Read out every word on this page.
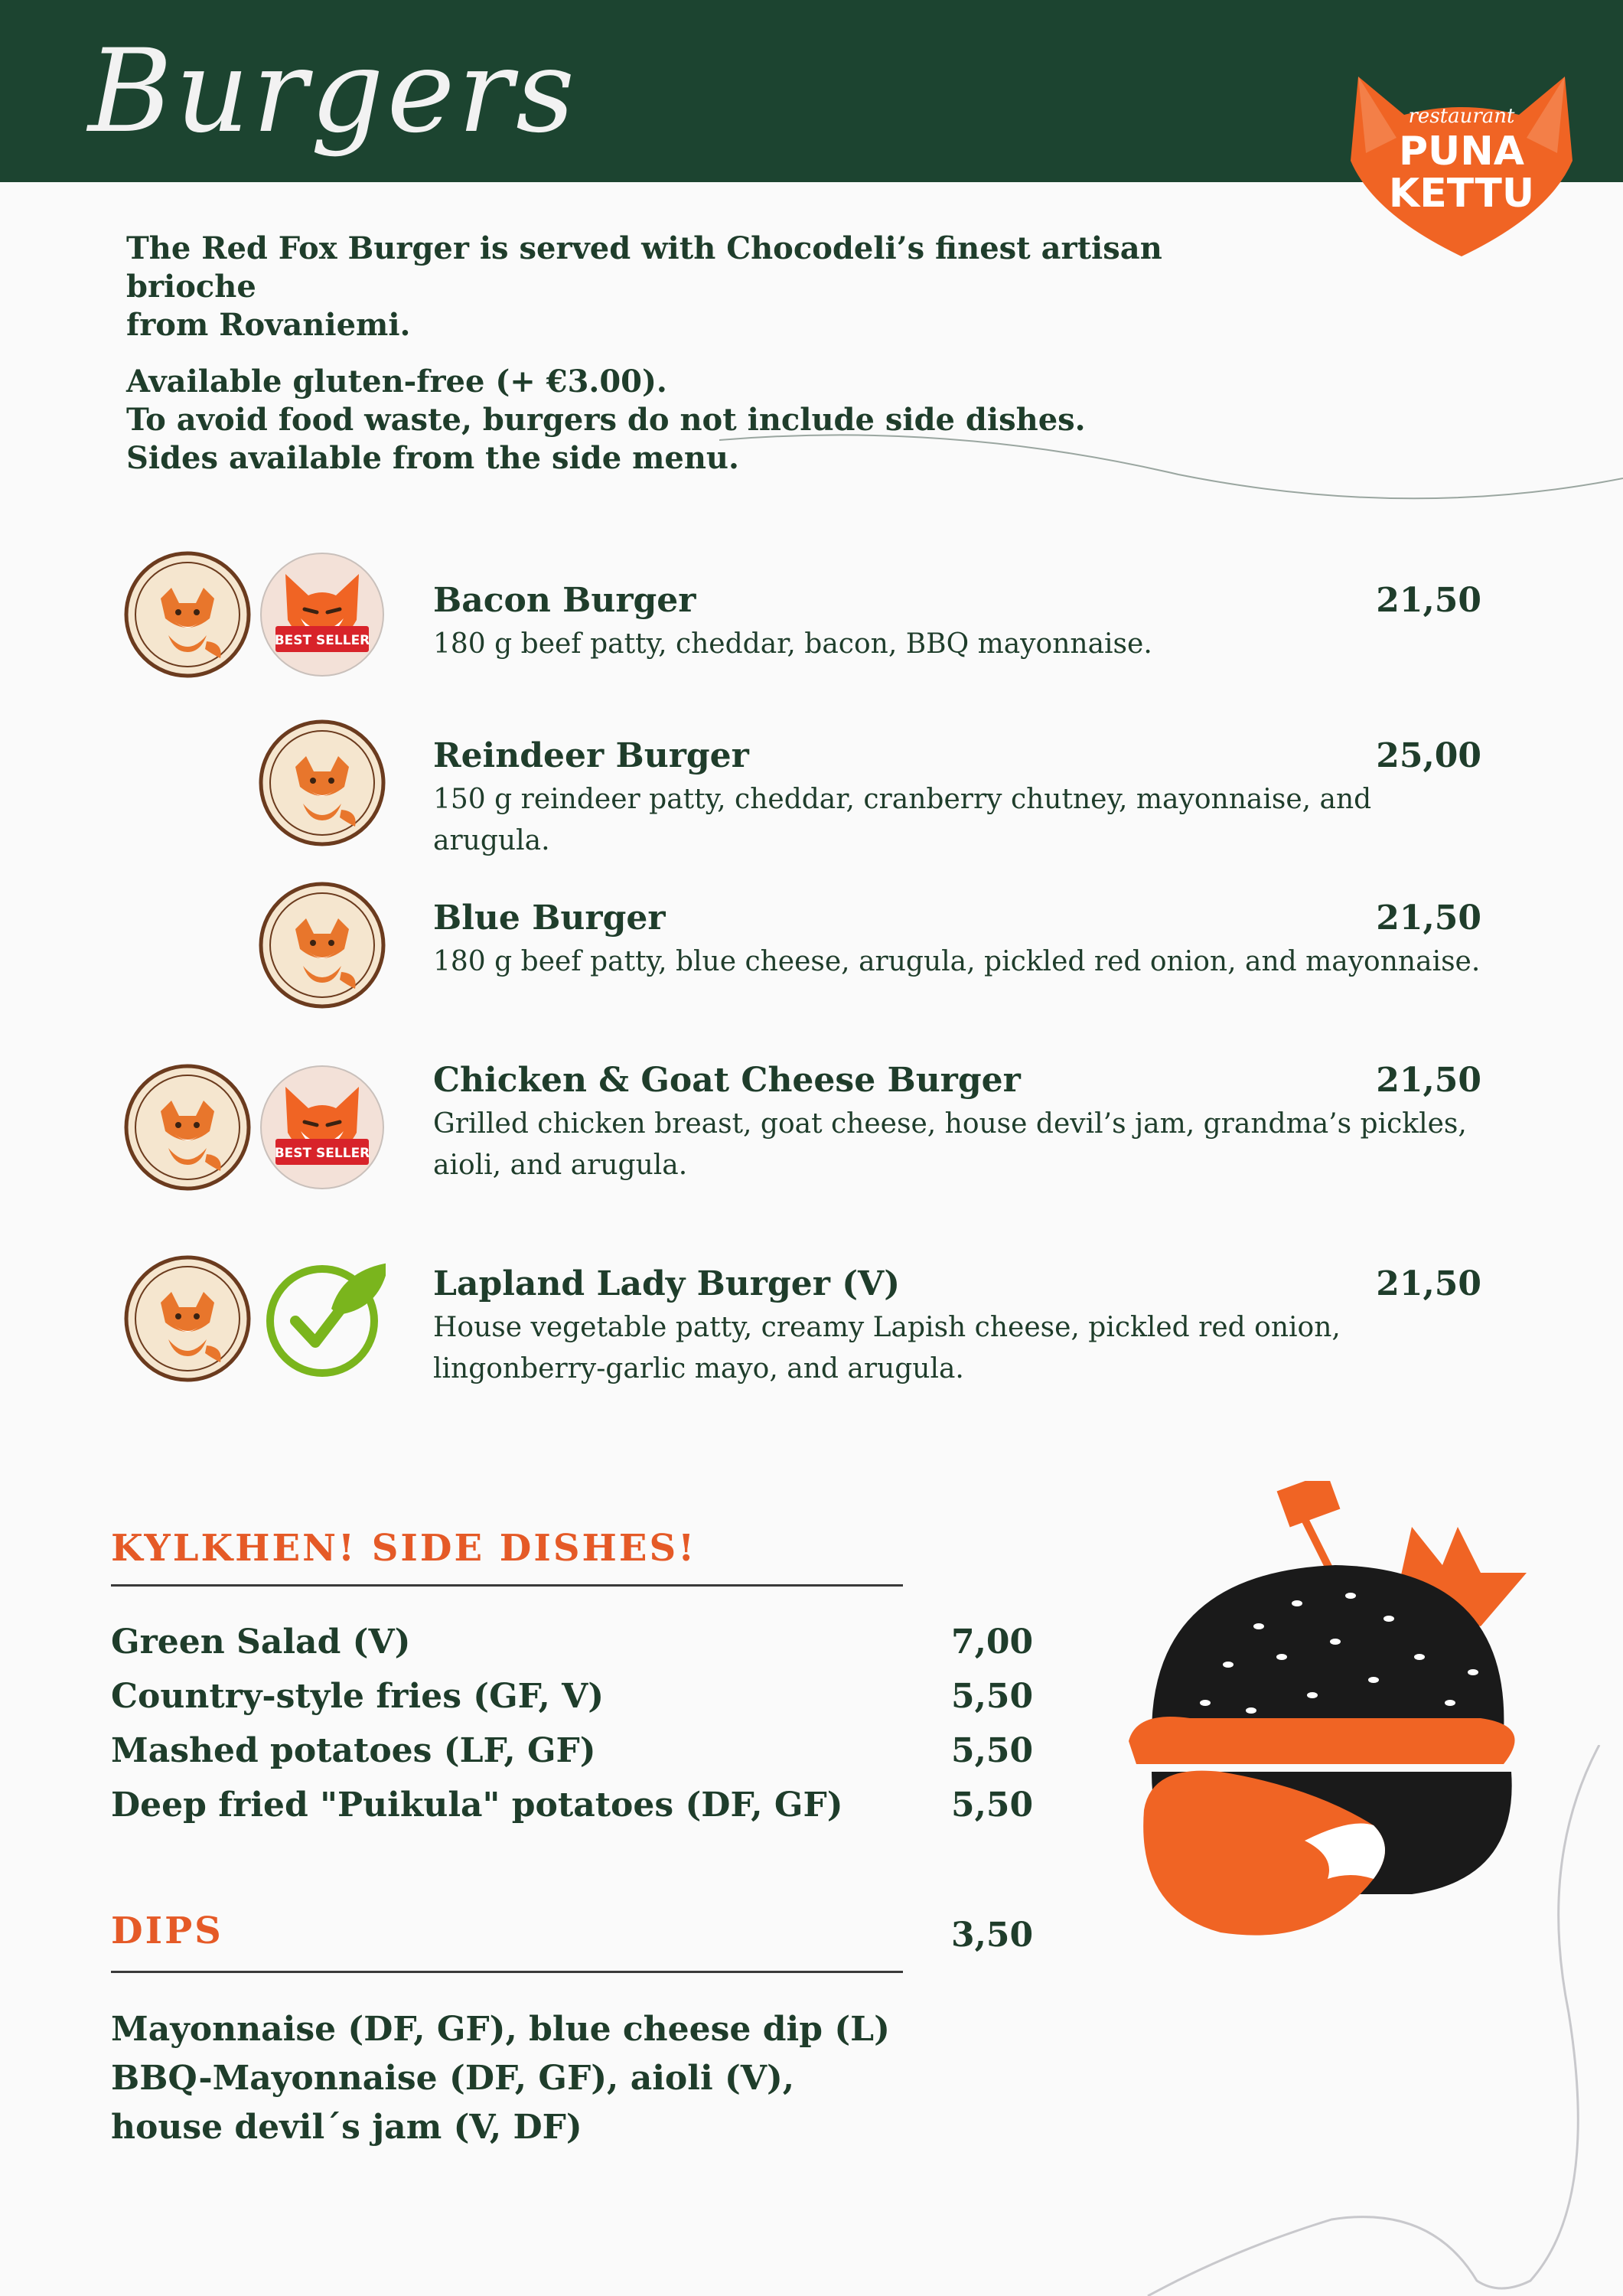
Burgers	restaurant
PUNA
KETTU

The Red Fox Burger is served with Chocodeli’s finest artisan brioche
from Rovaniemi.

Available gluten-free (+ €3.00).
To avoid food waste, burgers do not include side dishes.
Sides available from the side menu.

BEST SELLER
Bacon Burger	21,50
180 g beef patty, cheddar, bacon, BBQ mayonnaise.
Reindeer Burger	25,00
150 g reindeer patty, cheddar, cranberry chutney, mayonnaise, and arugula.
Blue Burger	21,50
180 g beef patty, blue cheese, arugula, pickled red onion, and mayonnaise.
BEST SELLER
Chicken & Goat Cheese Burger	21,50
Grilled chicken breast, goat cheese, house devil’s jam, grandma’s pickles,
aioli, and arugula.
Lapland Lady Burger (V)	21,50
House vegetable patty, creamy Lapish cheese, pickled red onion,
lingonberry-garlic mayo, and arugula.
KYLKHEN! SIDE DISHES!
Green Salad (V)	7,00
Country-style fries (GF, V)	5,50
Mashed potatoes (LF, GF)	5,50
Deep fried "Puikula" potatoes (DF, GF)	5,50
DIPS	3,50
Mayonnaise (DF, GF), blue cheese dip (L)
BBQ-Mayonnaise (DF, GF), aioli (V),
house devil´s jam (V, DF)
